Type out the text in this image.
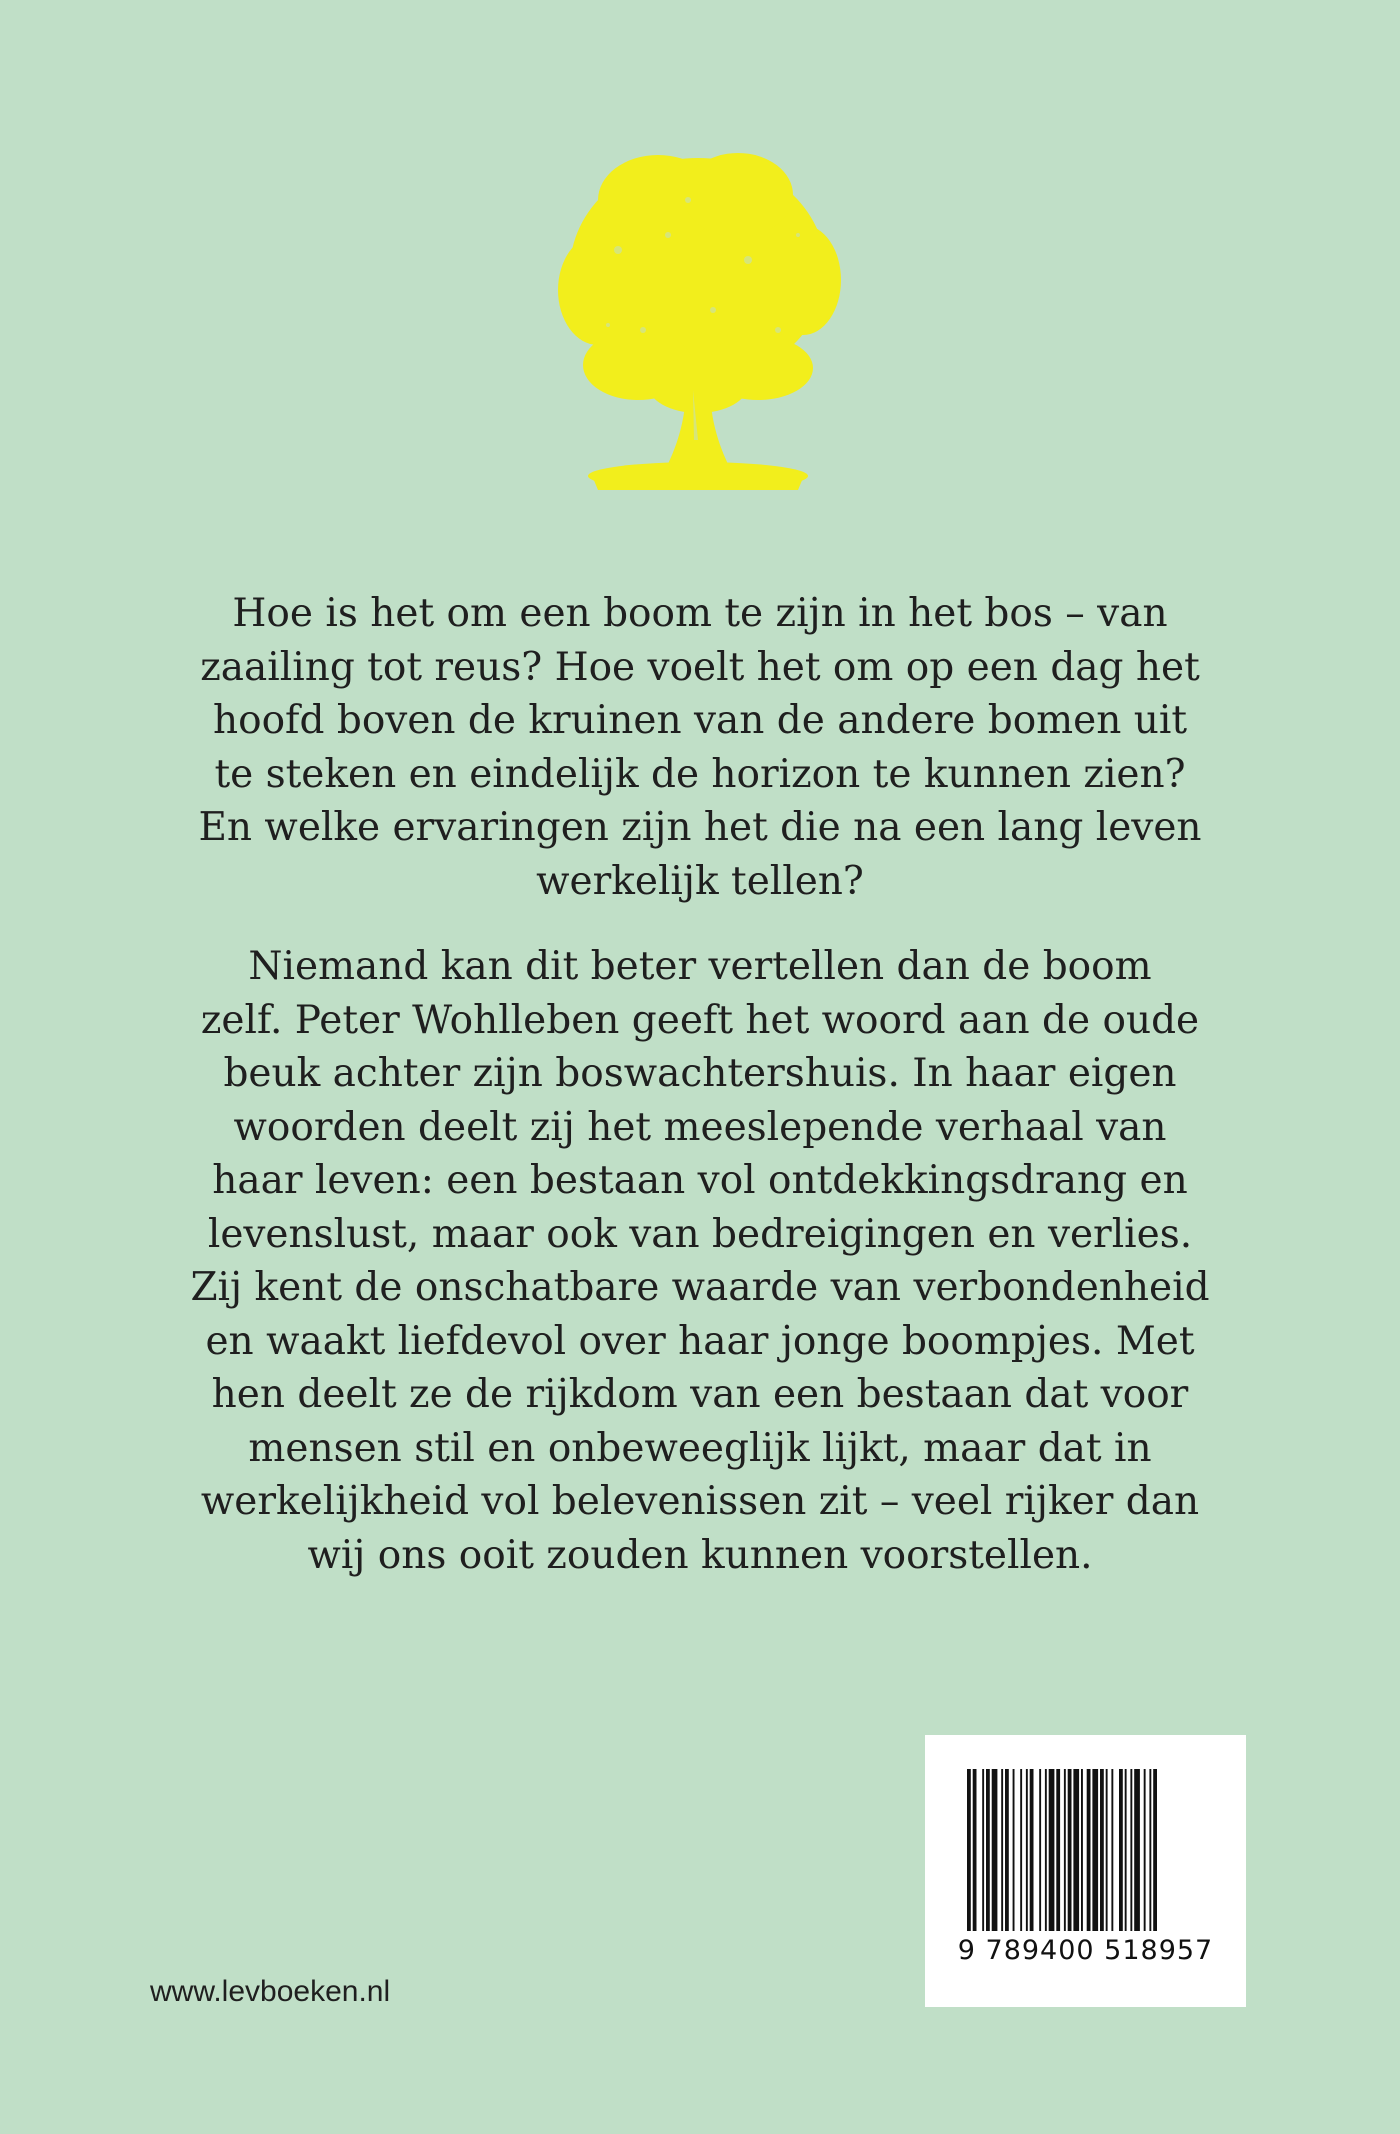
Hoe is het om een boom te zijn in het bos – van
zaailing tot reus? Hoe voelt het om op een dag het
hoofd boven de kruinen van de andere bomen uit
te steken en eindelijk de horizon te kunnen zien?
En welke ervaringen zijn het die na een lang leven
werkelijk tellen?

Niemand kan dit beter vertellen dan de boom
zelf. Peter Wohlleben geeft het woord aan de oude
beuk achter zijn boswachtershuis. In haar eigen
woorden deelt zij het meeslepende verhaal van
haar leven: een bestaan vol ontdekkingsdrang en
levenslust, maar ook van bedreigingen en verlies.
Zij kent de onschatbare waarde van verbondenheid
en waakt liefdevol over haar jonge boompjes. Met
hen deelt ze de rijkdom van een bestaan dat voor
mensen stil en onbeweeglijk lijkt, maar dat in
werkelijkheid vol belevenissen zit – veel rijker dan
wij ons ooit zouden kunnen voorstellen.

9 789400 518957
www.levboeken.nl
